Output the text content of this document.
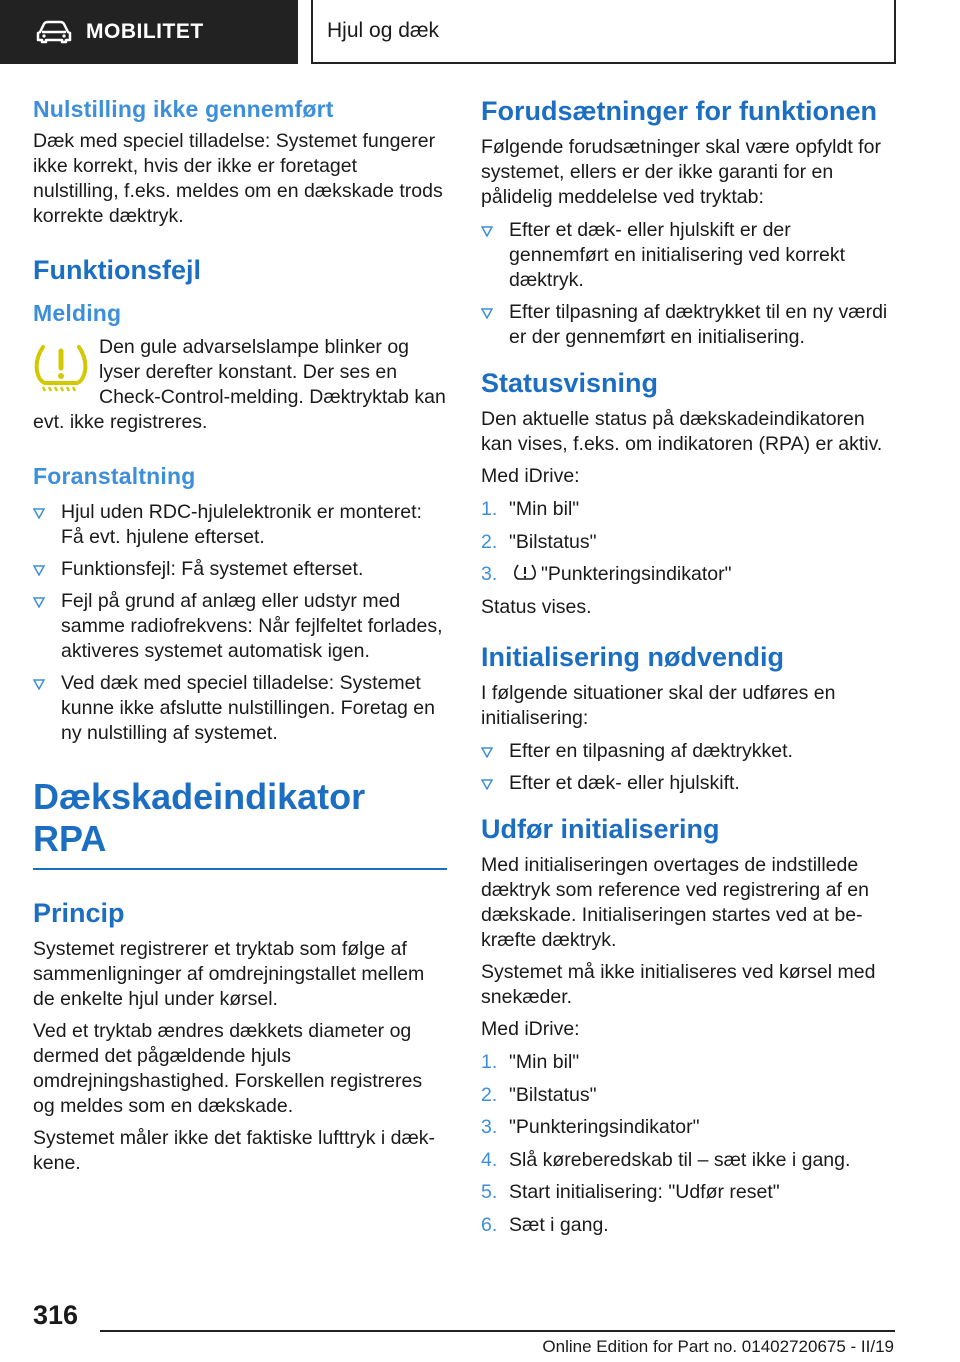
MOBILITET	Hjul og dæk
Nulstilling ikke gennemført

Dæk med speciel tilladelse: Systemet fungerer ikke korrekt, hvis der ikke er foretaget nulstilling, f.eks. meldes om en dækskade trods korrekte dæktryk.

Funktionsfejl
Melding

Den gule advarselslampe blinker og lyser derefter konstant. Der ses en Check-Control-melding. Dæktryktab kan evt. ikke registreres.

Foranstaltning
Hjul uden RDC-hjulelektronik er monteret: Få evt. hjulene efterset.
Funktionsfejl: Få systemet efterset.
Fejl på grund af anlæg eller udstyr med samme radiofrekvens: Når fejlfeltet forlades, aktiveres systemet automatisk igen.
Ved dæk med speciel tilladelse: Systemet kunne ikke afslutte nulstillingen. Foretag en ny nulstilling af systemet.
Dækskadeindikator RPA
Princip

Systemet registrerer et tryktab som følge af sammenligninger af omdrejningstallet mellem de enkelte hjul under kørsel.

Ved et tryktab ændres dækkets diameter og dermed det pågældende hjuls omdrejningshastighed. Forskellen registreres og meldes som en dækskade.

Systemet måler ikke det faktiske lufttryk i dækkene.

Forudsætninger for funktionen

Følgende forudsætninger skal være opfyldt for systemet, ellers er der ikke garanti for en pålidelig meddelelse ved tryktab:

Efter et dæk- eller hjulskift er der gennemført en initialisering ved korrekt dæktryk.
Efter tilpasning af dæktrykket til en ny værdi er der gennemført en initialisering.
Statusvisning

Den aktuelle status på dækskadeindikatoren kan vises, f.eks. om indikatoren (RPA) er aktiv.

Med iDrive:

1. "Min bil"
2. "Bilstatus"
3. "Punkteringsindikator"

Status vises.

Initialisering nødvendig

I følgende situationer skal der udføres en initialisering:

Efter en tilpasning af dæktrykket.
Efter et dæk- eller hjulskift.
Udfør initialisering

Med initialiseringen overtages de indstillede dæktryk som reference ved registrering af en dækskade. Initialiseringen startes ved at bekræfte dæktryk.

Systemet må ikke initialiseres ved kørsel med snekæder.

Med iDrive:

1. "Min bil"
2. "Bilstatus"
3. "Punkteringsindikator"
4. Slå køreberedskab til – sæt ikke i gang.
5. Start initialisering: "Udfør reset"
6. Sæt i gang.
316
Online Edition for Part no. 01402720675 - II/19
